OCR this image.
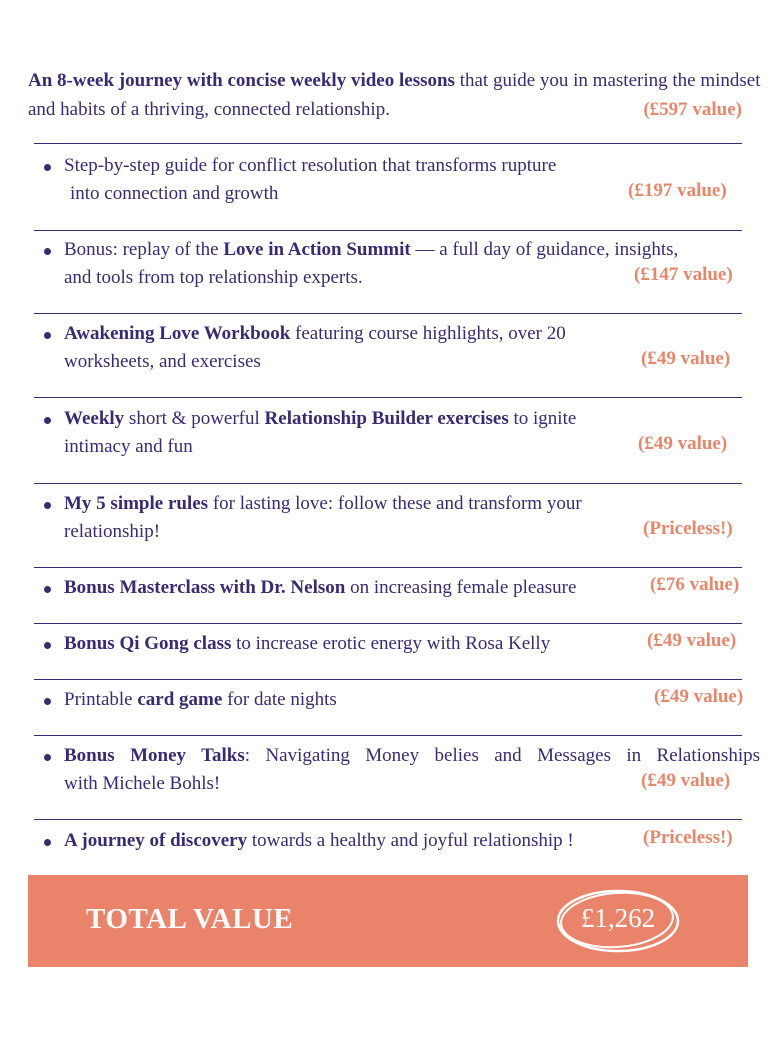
An 8-week journey with concise weekly video lessons that guide you in mastering the mindset and habits of a thriving, connected relationship.	(£597 value)
Step-by-step guide for conflict resolution that transforms rupture
into connection and growth	(£197 value)
Bonus: replay of the Love in Action Summit — a full day of guidance, insights,
and tools from top relationship experts.	(£147 value)
Awakening Love Workbook featuring course highlights, over 20
worksheets, and exercises	(£49 value)
Weekly short & powerful Relationship Builder exercises to ignite
intimacy and fun	(£49 value)
My 5 simple rules for lasting love: follow these and transform your
relationship!	(Priceless!)
Bonus Masterclass with Dr. Nelson on increasing female pleasure	(£76 value)
Bonus Qi Gong class to increase erotic energy with Rosa Kelly	(£49 value)
Printable card game for date nights	(£49 value)
Bonus Money Talks: Navigating Money belies and Messages in Relationships
with Michele Bohls!	(£49 value)
A journey of discovery towards a healthy and joyful relationship !	(Priceless!)
TOTAL VALUE	£1,262
